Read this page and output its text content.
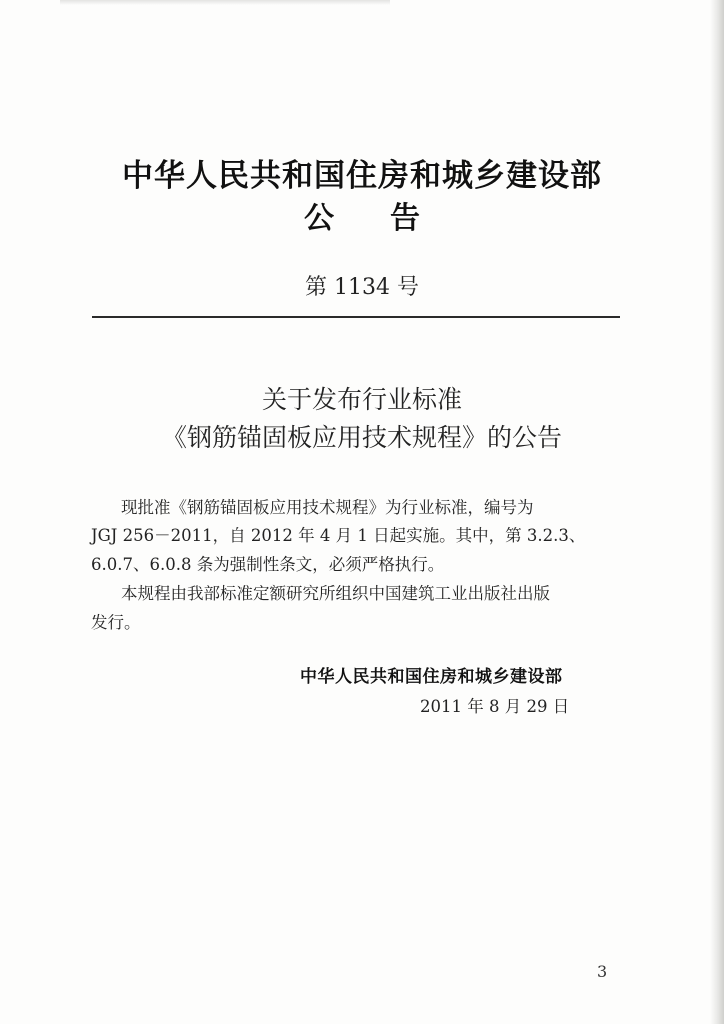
中华人民共和国住房和城乡建设部
公告
第 1134 号
关于发布行业标准
《钢筋锚固板应用技术规程》的公告
现批准《钢筋锚固板应用技术规程》为行业标准，编号为
JGJ 256－2011，自 2012 年 4 月 1 日起实施。其中，第 3.2.3、
6.0.7、6.0.8 条为强制性条文，必须严格执行。
本规程由我部标准定额研究所组织中国建筑工业出版社出版
发行。
中华人民共和国住房和城乡建设部
2011 年 8 月 29 日
3
